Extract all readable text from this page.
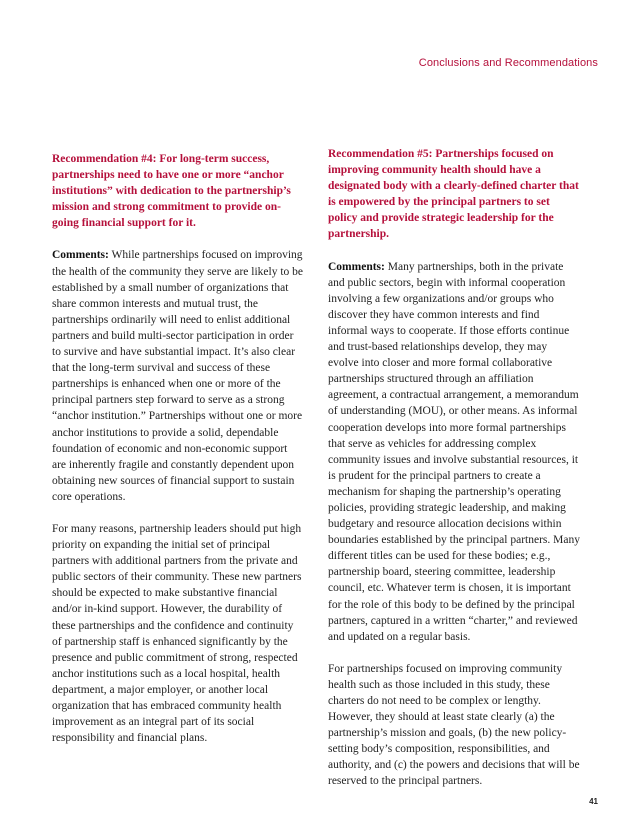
Conclusions and Recommendations
Recommendation #4: For long-term success, partnerships need to have one or more “anchor institutions” with dedication to the partnership’s mission and strong commitment to provide on-going financial support for it.

Comments: While partnerships focused on improving the health of the community they serve are likely to be established by a small number of organizations that share common interests and mutual trust, the partnerships ordinarily will need to enlist additional partners and build multi-sector participation in order to survive and have substantial impact. It’s also clear that the long-term survival and success of these partnerships is enhanced when one or more of the principal partners step forward to serve as a strong “anchor institution.” Partnerships without one or more anchor institutions to provide a solid, dependable foundation of economic and non-economic support are inherently fragile and constantly dependent upon obtaining new sources of financial support to sustain core operations.

For many reasons, partnership leaders should put high priority on expanding the initial set of principal partners with additional partners from the private and public sectors of their community. These new partners should be expected to make substantive financial and/or in-kind support. However, the durability of these partnerships and the confidence and continuity of partnership staff is enhanced significantly by the presence and public commitment of strong, respected anchor institutions such as a local hospital, health department, a major employer, or another local organization that has embraced community health improvement as an integral part of its social responsibility and financial plans.

Recommendation #5: Partnerships focused on improving community health should have a designated body with a clearly-defined charter that is empowered by the principal partners to set policy and provide strategic leadership for the partnership.

Comments: Many partnerships, both in the private and public sectors, begin with informal cooperation involving a few organizations and/or groups who discover they have common interests and find informal ways to cooperate. If those efforts continue and trust-based relationships develop, they may evolve into closer and more formal collaborative partnerships structured through an affiliation agreement, a contractual arrangement, a memorandum of understanding (MOU), or other means. As informal cooperation develops into more formal partnerships that serve as vehicles for addressing complex community issues and involve substantial resources, it is prudent for the principal partners to create a mechanism for shaping the partnership’s operating policies, providing strategic leadership, and making budgetary and resource allocation decisions within boundaries established by the principal partners. Many different titles can be used for these bodies; e.g., partnership board, steering committee, leadership council, etc. Whatever term is chosen, it is important for the role of this body to be defined by the principal partners, captured in a written “charter,” and reviewed and updated on a regular basis.

For partnerships focused on improving community health such as those included in this study, these charters do not need to be complex or lengthy. However, they should at least state clearly (a) the partnership’s mission and goals, (b) the new policy-setting body’s composition, responsibilities, and authority, and (c) the powers and decisions that will be reserved to the principal partners.

41
